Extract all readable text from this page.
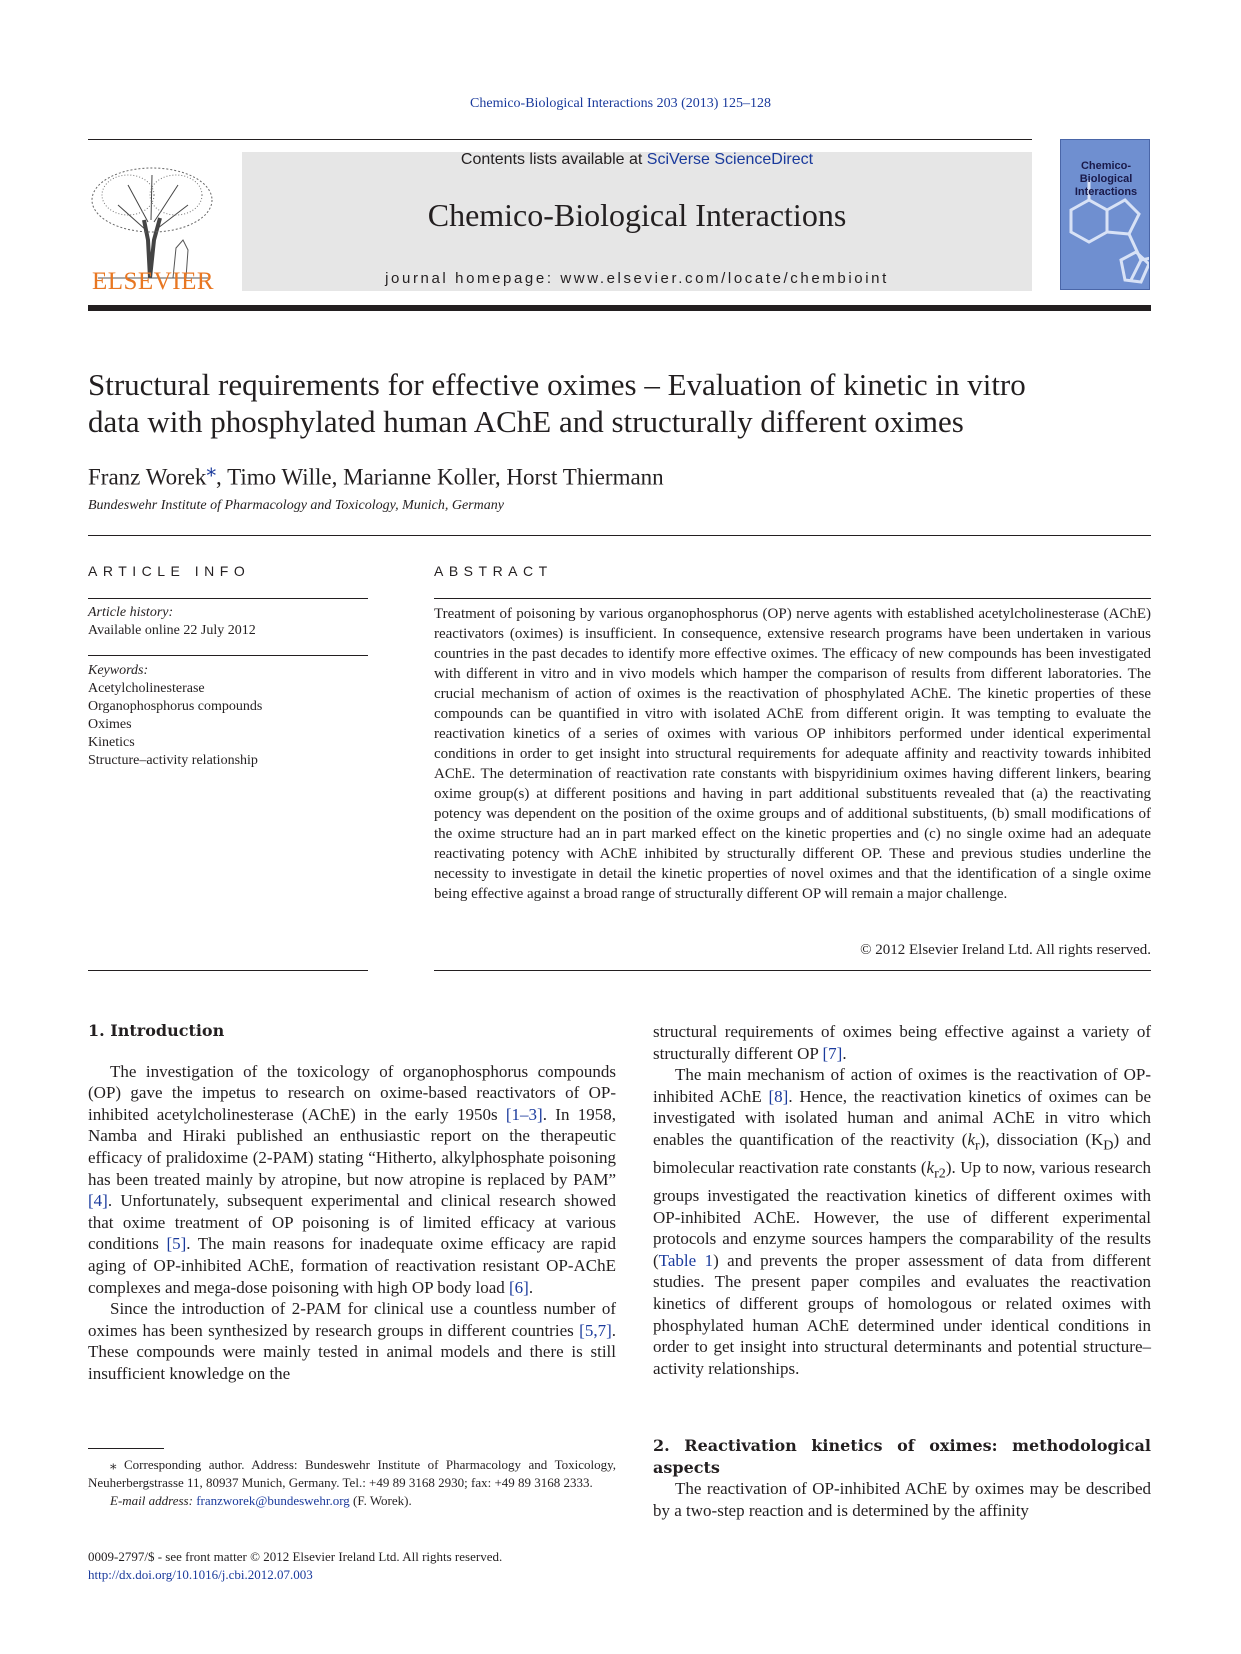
Chemico-Biological Interactions 203 (2013) 125–128
ELSEVIER
Contents lists available at SciVerse ScienceDirect
Chemico-Biological Interactions
journal homepage: www.elsevier.com/locate/chembioint
Chemico-Biological Interactions
Structural requirements for effective oximes – Evaluation of kinetic in vitro
data with phosphylated human AChE and structurally different oximes
Franz Worek⁎, Timo Wille, Marianne Koller, Horst Thiermann
Bundeswehr Institute of Pharmacology and Toxicology, Munich, Germany
ARTICLE INFO
Article history:
Available online 22 July 2012
Keywords:
Acetylcholinesterase
Organophosphorus compounds
Oximes
Kinetics
Structure–activity relationship
ABSTRACT
Treatment of poisoning by various organophosphorus (OP) nerve agents with established acetylcholinesterase (AChE) reactivators (oximes) is insufficient. In consequence, extensive research programs have been undertaken in various countries in the past decades to identify more effective oximes. The efficacy of new compounds has been investigated with different in vitro and in vivo models which hamper the comparison of results from different laboratories. The crucial mechanism of action of oximes is the reactivation of phosphylated AChE. The kinetic properties of these compounds can be quantified in vitro with isolated AChE from different origin. It was tempting to evaluate the reactivation kinetics of a series of oximes with various OP inhibitors performed under identical experimental conditions in order to get insight into structural requirements for adequate affinity and reactivity towards inhibited AChE. The determination of reactivation rate constants with bispyridinium oximes having different linkers, bearing oxime group(s) at different positions and having in part additional substituents revealed that (a) the reactivating potency was dependent on the position of the oxime groups and of additional substituents, (b) small modifications of the oxime structure had an in part marked effect on the kinetic properties and (c) no single oxime had an adequate reactivating potency with AChE inhibited by structurally different OP. These and previous studies underline the necessity to investigate in detail the kinetic properties of novel oximes and that the identification of a single oxime being effective against a broad range of structurally different OP will remain a major challenge.
© 2012 Elsevier Ireland Ltd. All rights reserved.
1. Introduction

The investigation of the toxicology of organophosphorus compounds (OP) gave the impetus to research on oxime-based reactivators of OP-inhibited acetylcholinesterase (AChE) in the early 1950s [1–3]. In 1958, Namba and Hiraki published an enthusiastic report on the therapeutic efficacy of pralidoxime (2-PAM) stating “Hitherto, alkylphosphate poisoning has been treated mainly by atropine, but now atropine is replaced by PAM” [4]. Unfortunately, subsequent experimental and clinical research showed that oxime treatment of OP poisoning is of limited efficacy at various conditions [5]. The main reasons for inadequate oxime efficacy are rapid aging of OP-inhibited AChE, formation of reactivation resistant OP-AChE complexes and mega-dose poisoning with high OP body load [6].

Since the introduction of 2-PAM for clinical use a countless number of oximes has been synthesized by research groups in different countries [5,7]. These compounds were mainly tested in animal models and there is still insufficient knowledge on the

structural requirements of oximes being effective against a variety of structurally different OP [7].

The main mechanism of action of oximes is the reactivation of OP-inhibited AChE [8]. Hence, the reactivation kinetics of oximes can be investigated with isolated human and animal AChE in vitro which enables the quantification of the reactivity $(k_r)$, dissociation $(K_D)$ and bimolecular reactivation rate constants $(k_{r2})$. Up to now, various research groups investigated the reactivation kinetics of different oximes with OP-inhibited AChE. However, the use of different experimental protocols and enzyme sources hampers the comparability of the results (Table 1) and prevents the proper assessment of data from different studies. The present paper compiles and evaluates the reactivation kinetics of different groups of homologous or related oximes with phosphylated human AChE determined under identical conditions in order to get insight into structural determinants and potential structure–activity relationships.

2. Reactivation kinetics of oximes: methodological aspects
The reactivation of OP-inhibited AChE by oximes may be described by a two-step reaction and is determined by the affinity
⁎ Corresponding author. Address: Bundeswehr Institute of Pharmacology and Toxicology, Neuherbergstrasse 11, 80937 Munich, Germany. Tel.: +49 89 3168 2930; fax: +49 89 3168 2333.
E-mail address: franzworek@bundeswehr.org (F. Worek).
0009-2797/$ - see front matter © 2012 Elsevier Ireland Ltd. All rights reserved.
http://dx.doi.org/10.1016/j.cbi.2012.07.003
